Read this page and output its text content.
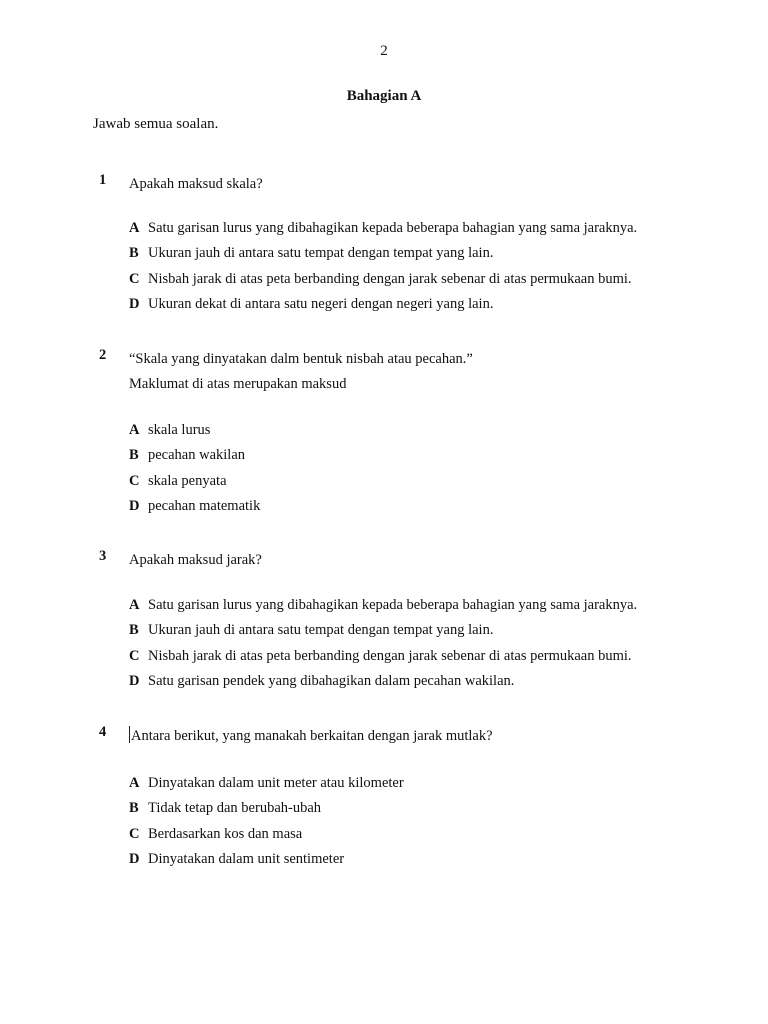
2
Bahagian A
Jawab semua soalan.
1 Apakah maksud skala?
A Satu garisan lurus yang dibahagikan kepada beberapa bahagian yang sama jaraknya.
B Ukuran jauh di antara satu tempat dengan tempat yang lain.
C Nisbah jarak di atas peta berbanding dengan jarak sebenar di atas permukaan bumi.
D Ukuran dekat di antara satu negeri dengan negeri yang lain.
2 “Skala yang dinyatakan dalm bentuk nisbah atau pecahan.”
Maklumat di atas merupakan maksud
A skala lurus
B pecahan wakilan
C skala penyata
D pecahan matematik
3 Apakah maksud jarak?
A Satu garisan lurus yang dibahagikan kepada beberapa bahagian yang sama jaraknya.
B Ukuran jauh di antara satu tempat dengan tempat yang lain.
C Nisbah jarak di atas peta berbanding dengan jarak sebenar di atas permukaan bumi.
D Satu garisan pendek yang dibahagikan dalam pecahan wakilan.
4 Antara berikut, yang manakah berkaitan dengan jarak mutlak?
A Dinyatakan dalam unit meter atau kilometer
B Tidak tetap dan berubah-ubah
C Berdasarkan kos dan masa
D Dinyatakan dalam unit sentimeter
